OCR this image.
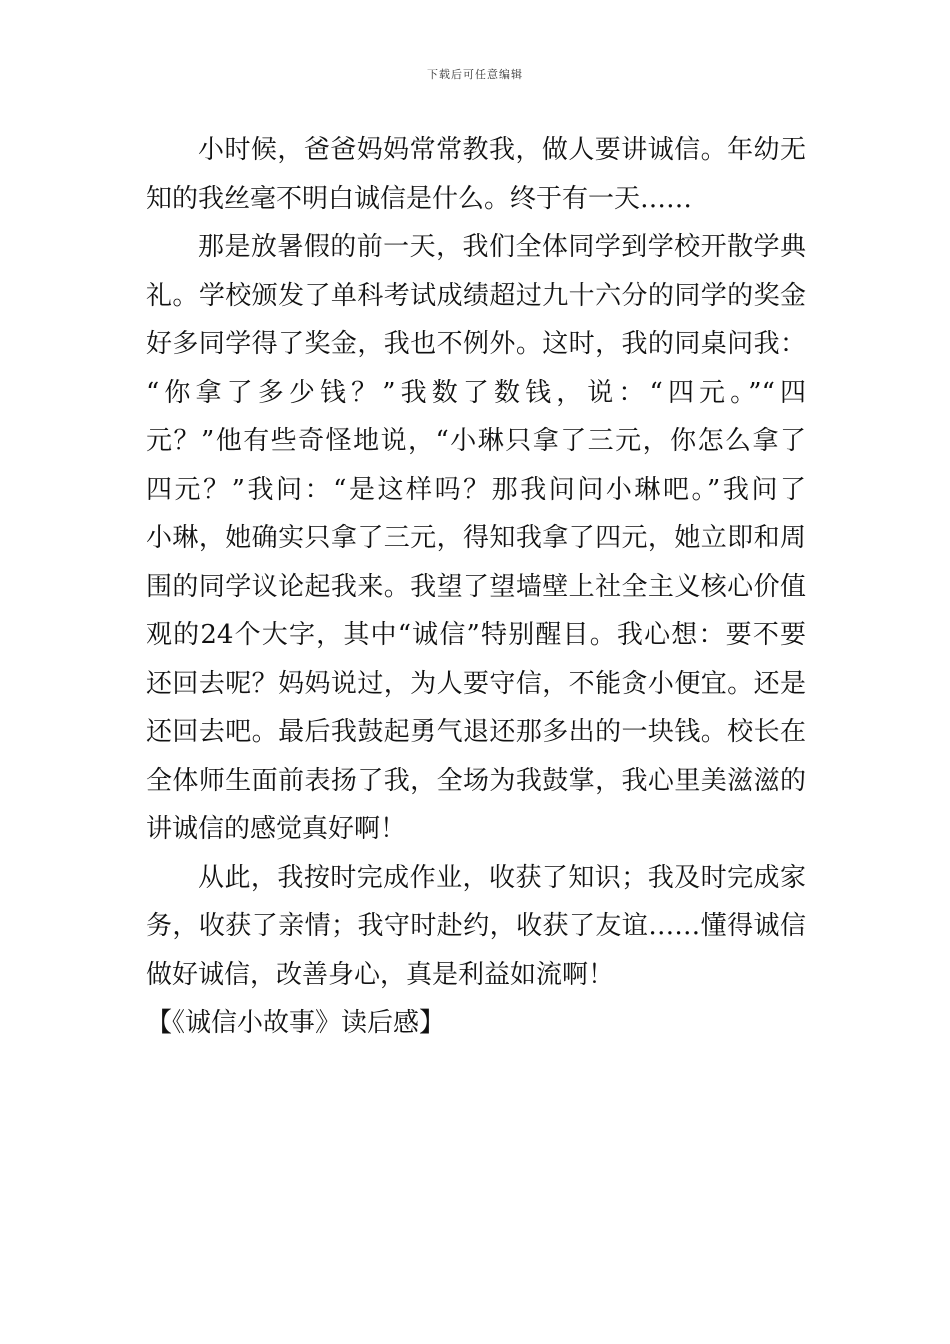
下载后可任意编辑
小时候，爸爸妈妈常常教我，做人要讲诚信。年幼无
知的我丝毫不明白诚信是什么。终于有一天……
那是放暑假的前一天，我们全体同学到学校开散学典
礼。学校颁发了单科考试成绩超过九十六分的同学的奖金
好多同学得了奖金，我也不例外。这时，我的同桌问我：
“你拿了多少钱？”我数了数钱，说：“四元。”“四
元？”他有些奇怪地说，“小琳只拿了三元，你怎么拿了
四元？”我问：“是这样吗？那我问问小琳吧。”我问了
小琳，她确实只拿了三元，得知我拿了四元，她立即和周
围的同学议论起我来。我望了望墙壁上社全主义核心价值
观的24个大字，其中“诚信”特别醒目。我心想：要不要
还回去呢？妈妈说过，为人要守信，不能贪小便宜。还是
还回去吧。最后我鼓起勇气退还那多出的一块钱。校长在
全体师生面前表扬了我，全场为我鼓掌，我心里美滋滋的
讲诚信的感觉真好啊！
从此，我按时完成作业，收获了知识；我及时完成家
务，收获了亲情；我守时赴约，收获了友谊……懂得诚信
做好诚信，改善身心，真是利益如流啊！
【《诚信小故事》读后感】
